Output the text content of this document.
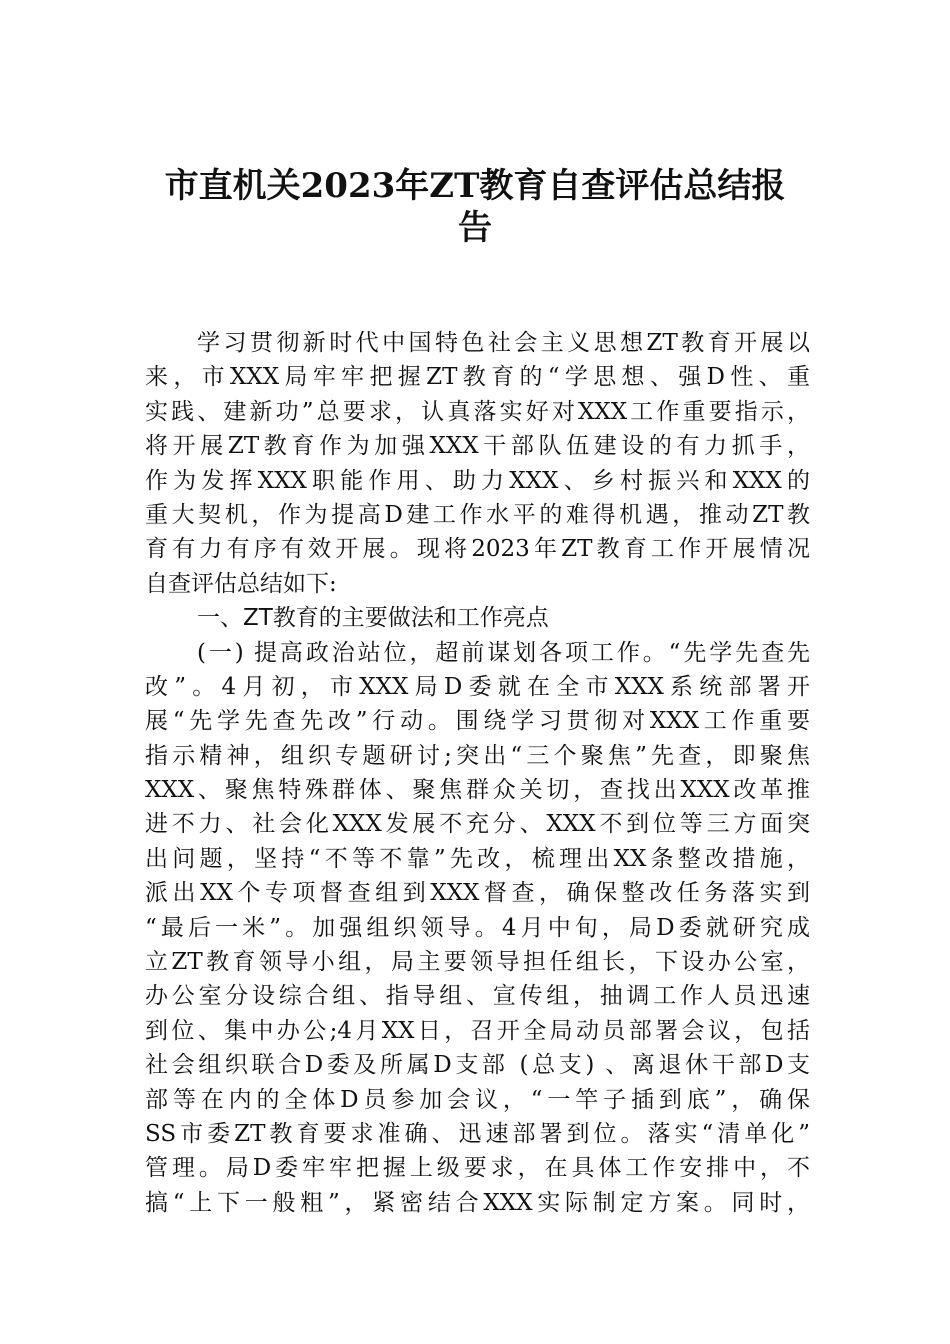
市直机关2023年ZT教育自查评估总结报
告
学习贯彻新时代中国特色社会主义思想ZT教育开展以
来，市XXX局牢牢把握ZT教育的“学思想、强D性、重
实践、建新功”总要求，认真落实好对XXX工作重要指示，
将开展ZT教育作为加强XXX干部队伍建设的有力抓手，
作为发挥XXX职能作用、助力XXX、乡村振兴和XXX的
重大契机，作为提高D建工作水平的难得机遇，推动ZT教
育有力有序有效开展。现将2023年ZT教育工作开展情况
自查评估总结如下:
一、ZT教育的主要做法和工作亮点
(一) 提高政治站位，超前谋划各项工作。“先学先查先
改”。4月初，市XXX局D委就在全市XXX系统部署开
展“先学先查先改”行动。围绕学习贯彻对XXX工作重要
指示精神，组织专题研讨;突出“三个聚焦”先查，即聚焦
XXX、聚焦特殊群体、聚焦群众关切，查找出XXX改革推
进不力、社会化XXX发展不充分、XXX不到位等三方面突
出问题，坚持“不等不靠”先改，梳理出XX条整改措施，
派出XX个专项督查组到XXX督查，确保整改任务落实到
“最后一米”。加强组织领导。4月中旬，局D委就研究成
立ZT教育领导小组，局主要领导担任组长，下设办公室，
办公室分设综合组、指导组、宣传组，抽调工作人员迅速
到位、集中办公;4月XX日，召开全局动员部署会议，包括
社会组织联合D委及所属D支部 (总支) 、离退休干部D支
部等在内的全体D员参加会议，“一竿子插到底”，确保
SS市委ZT教育要求准确、迅速部署到位。落实“清单化”
管理。局D委牢牢把握上级要求，在具体工作安排中，不
搞“上下一般粗”，紧密结合XXX实际制定方案。同时，
